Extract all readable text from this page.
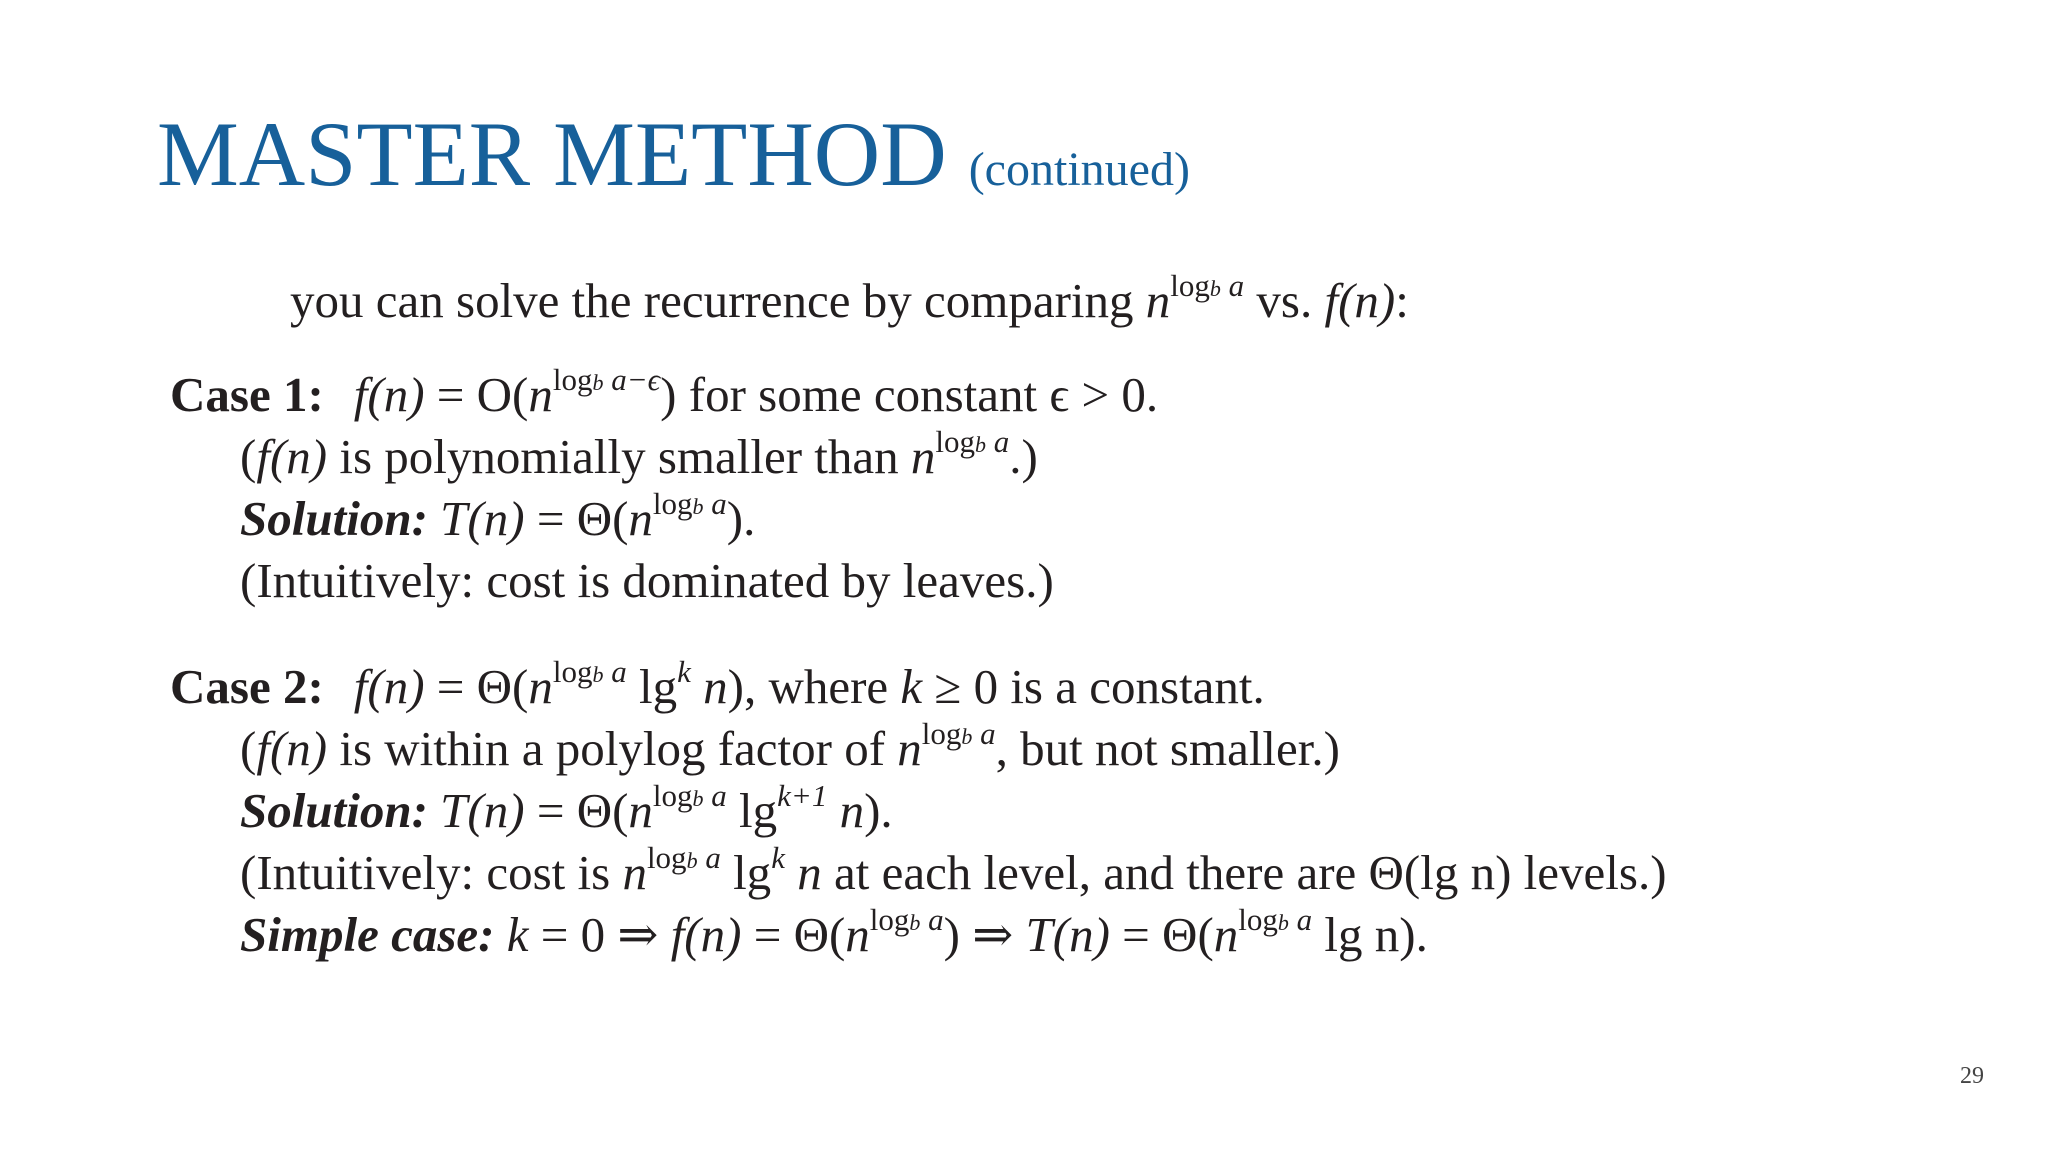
MASTER METHOD (continued)
you can solve the recurrence by comparing $n^{logb a}$ vs. f(n):
Case 1: $f(n) = O(n^{logb a-\epsilon})$ for some constant ϵ > 0.
(f(n) is polynomially smaller than $n^{logb a}$.)
Solution: $T(n) = \Theta(n^{logb a})$.
(Intuitively: cost is dominated by leaves.)
Case 2: $f(n) = \Theta(n^{logb a}$ $\lg^k n$), where k ≥ 0 is a constant.
(f(n) is within a polylog factor of $n^{logb a}$, but not smaller.)
Solution: $T(n) = \Theta(n^{logb a}$ $\lg^{k+1} n$).
(Intuitively: cost is $n^{logb a}$ $\lg^k n$ at each level, and there are Θ(lg n) levels.)
Simple case: k = 0 ⇒ $f(n) = \Theta(n^{logb a})$ ⇒ $T(n) = \Theta(n^{logb a}$ lg n).
29
